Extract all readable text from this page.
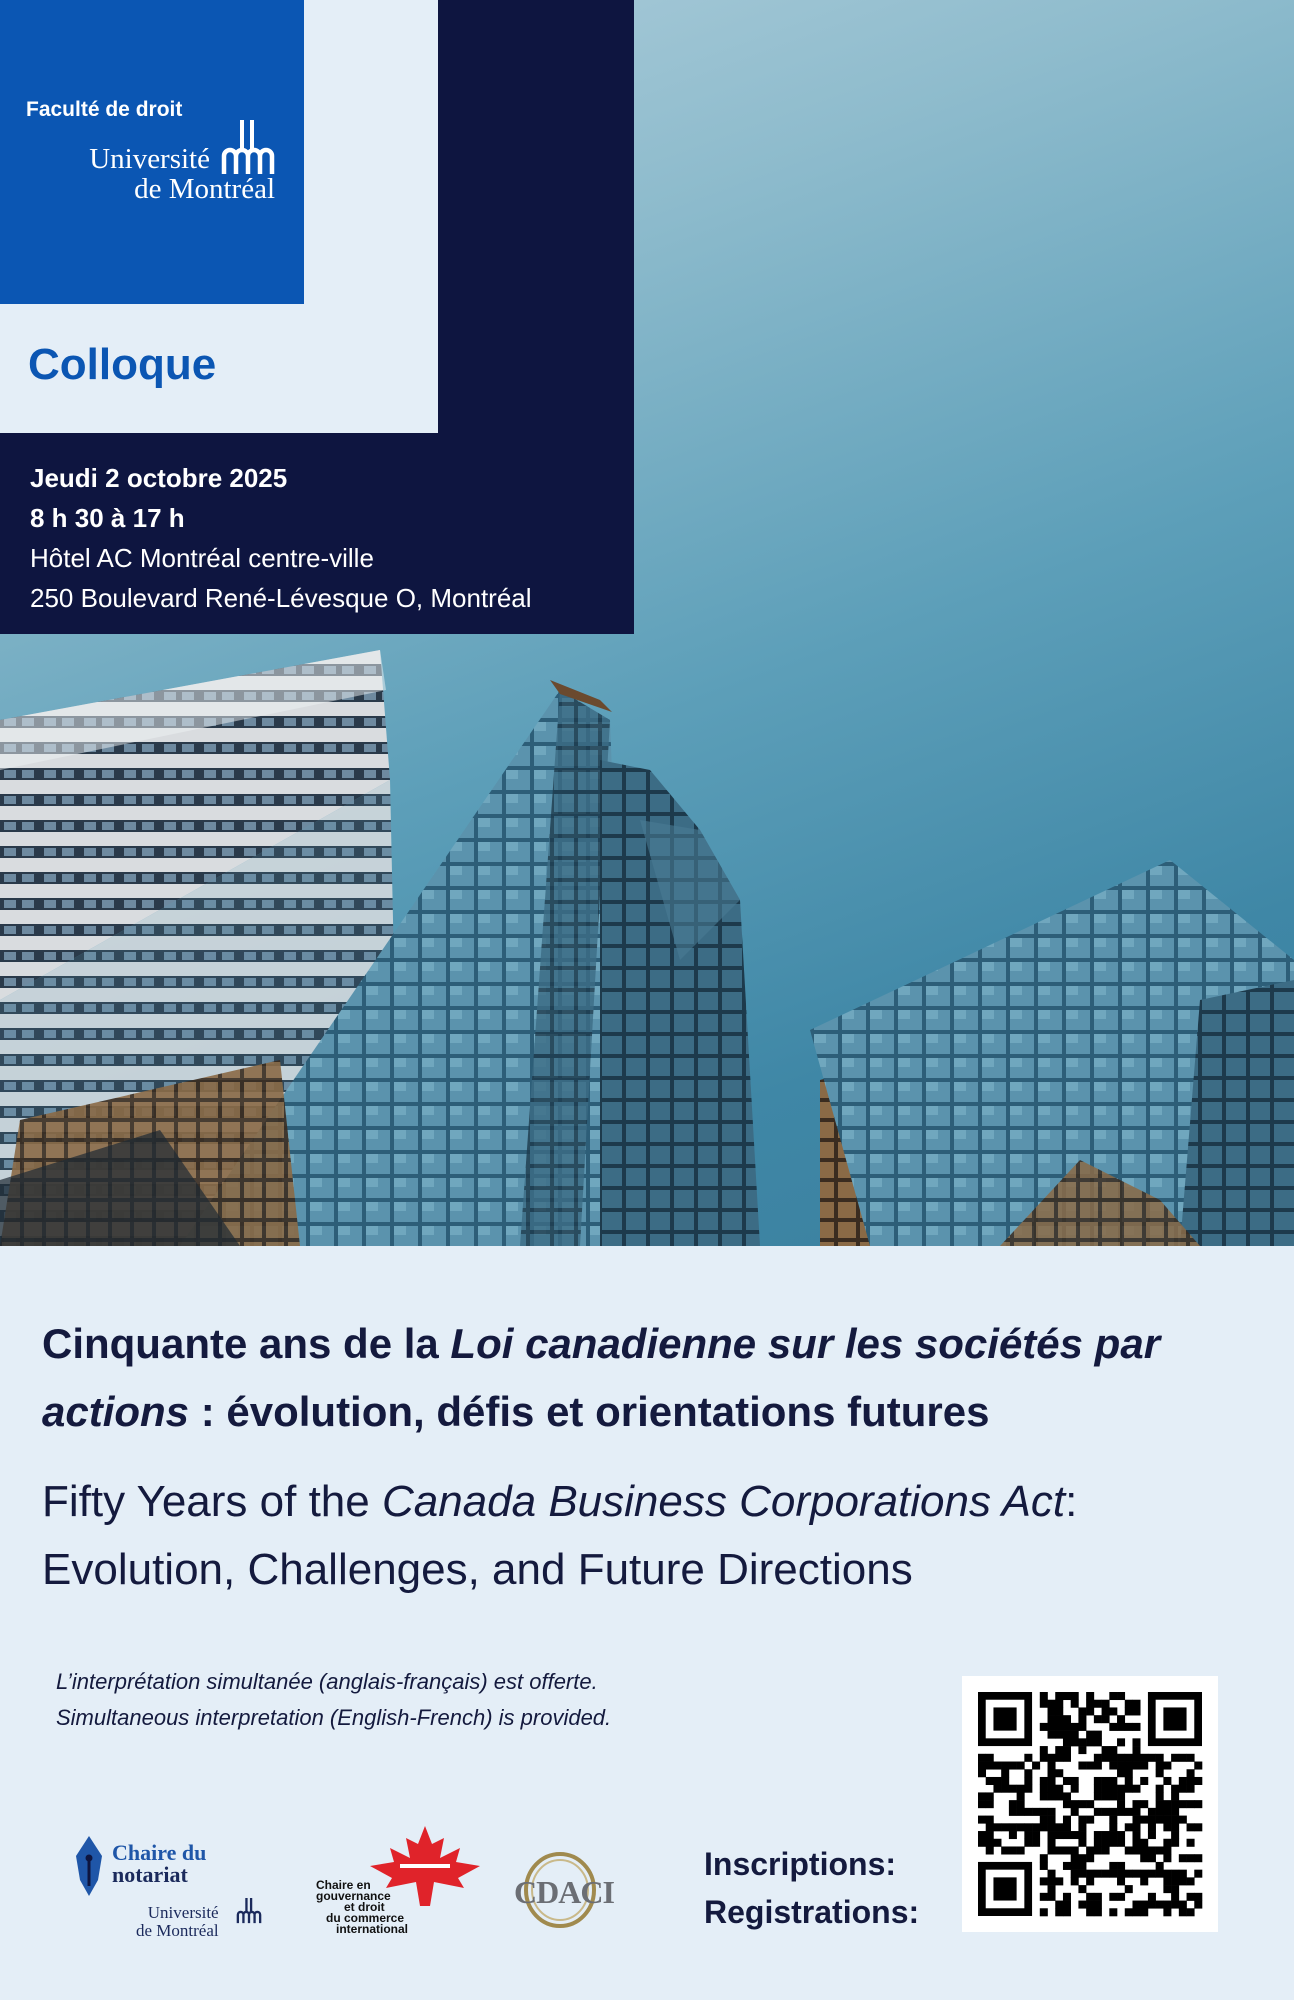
Faculté de droit
Université
de Montréal
Colloque
Jeudi 2 octobre 2025
8 h 30 à 17 h
Hôtel AC Montréal centre-ville
250 Boulevard René-Lévesque O, Montréal
Cinquante ans de la Loi canadienne sur les sociétés par actions : évolution, défis et orientations futures
Fifty Years of the Canada Business Corporations Act: Evolution, Challenges, and Future Directions
L’interprétation simultanée (anglais-français) est offerte.
Simultaneous interpretation (English-French) is provided.
Chaire du
notariat
Université
de Montréal
Chaire en
gouvernance
et droit
du commerce
international
CDACI
Inscriptions:
Registrations:
